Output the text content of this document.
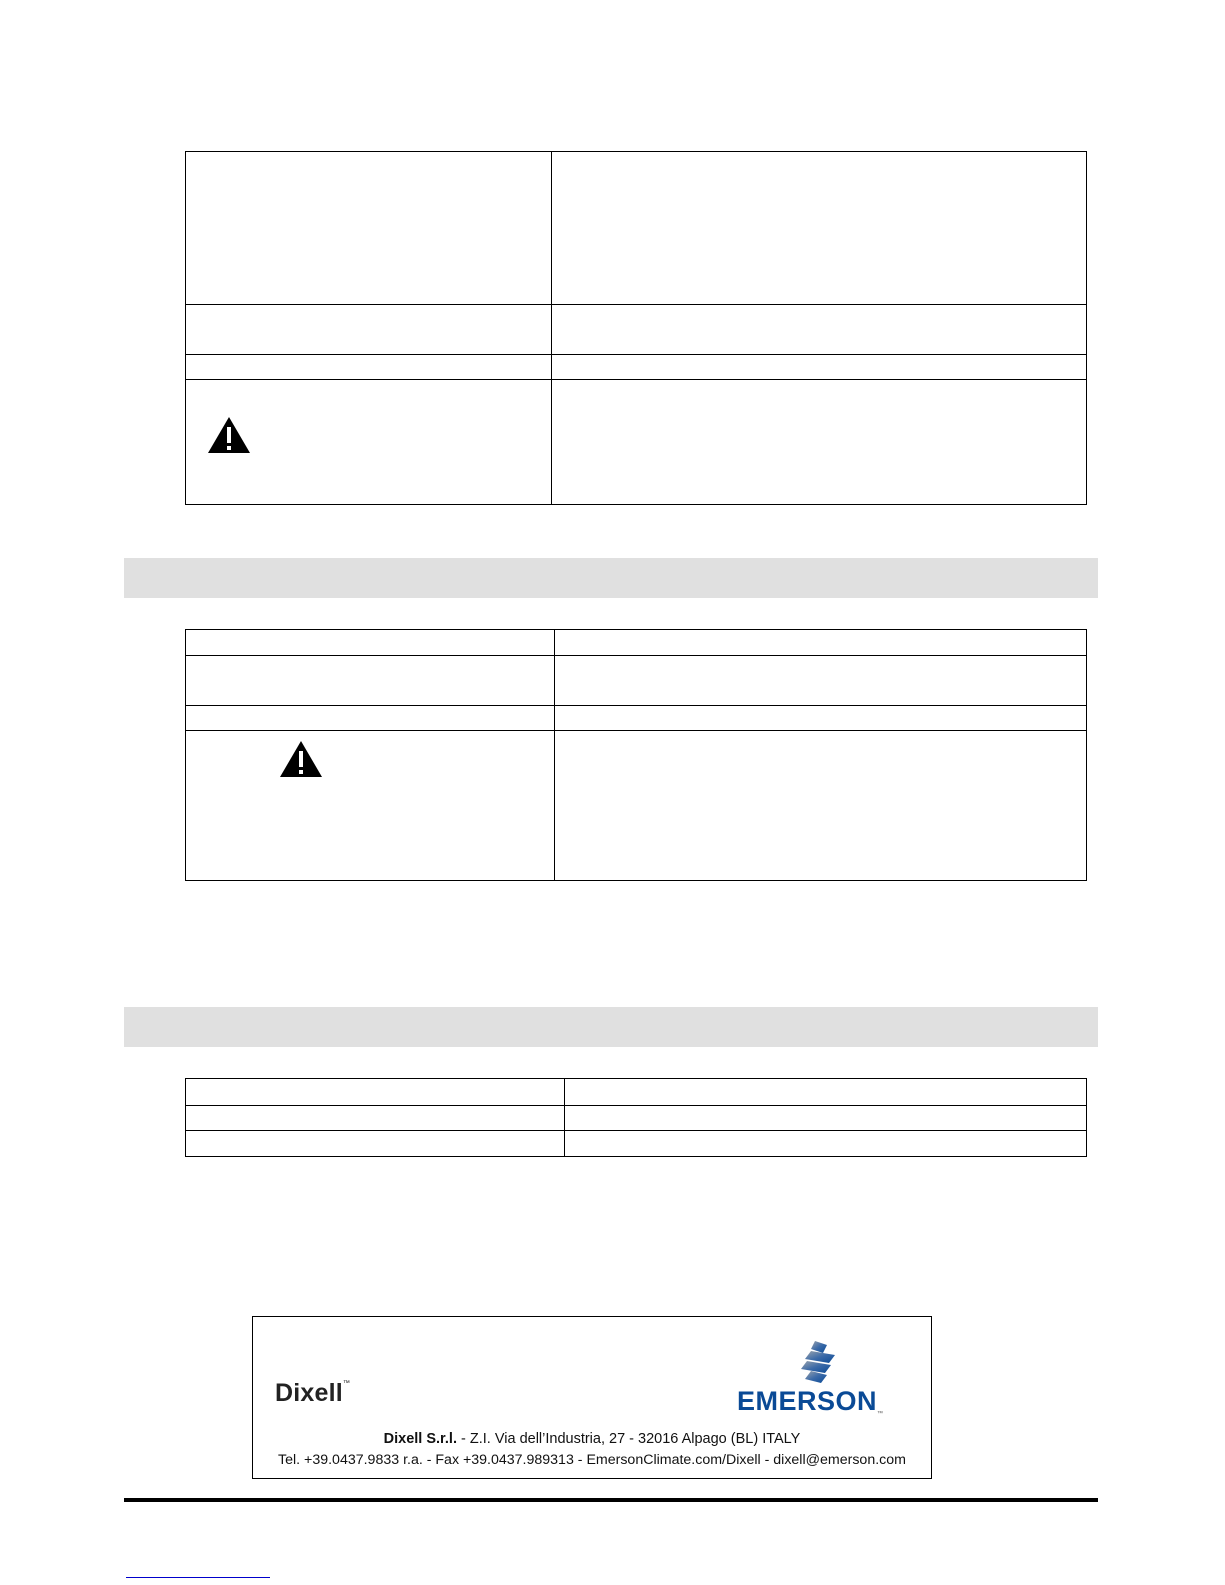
Dixell™
EMERSON™
Dixell S.r.l. - Z.I. Via dell’Industria, 27 - 32016 Alpago (BL) ITALY
Tel. +39.0437.9833 r.a. - Fax +39.0437.989313 - EmersonClimate.com/Dixell - dixell@emerson.com
